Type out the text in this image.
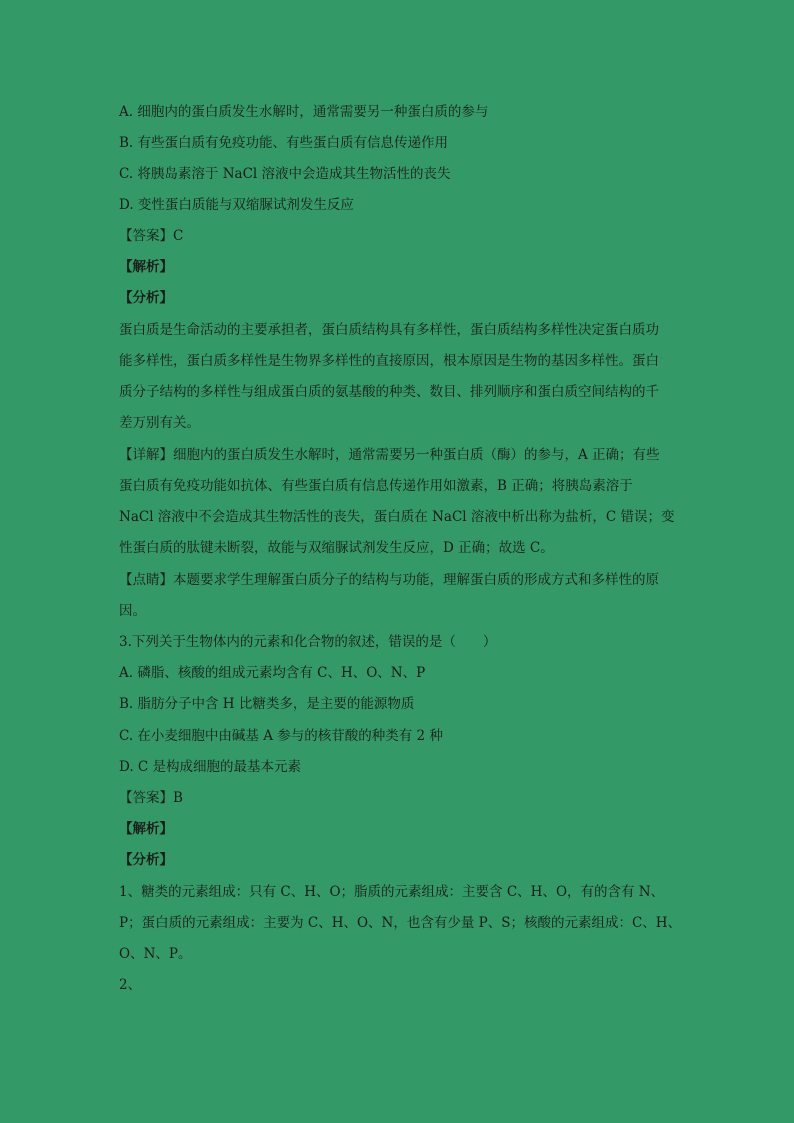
A. 细胞内的蛋白质发生水解时，通常需要另一种蛋白质的参与
B. 有些蛋白质有免疫功能、有些蛋白质有信息传递作用
C. 将胰岛素溶于 NaCl 溶液中会造成其生物活性的丧失
D. 变性蛋白质能与双缩脲试剂发生反应
【答案】C
【解析】
【分析】
蛋白质是生命活动的主要承担者，蛋白质结构具有多样性，蛋白质结构多样性决定蛋白质功
能多样性，蛋白质多样性是生物界多样性的直接原因，根本原因是生物的基因多样性。蛋白
质分子结构的多样性与组成蛋白质的氨基酸的种类、数目、排列顺序和蛋白质空间结构的千
差万别有关。
【详解】细胞内的蛋白质发生水解时，通常需要另一种蛋白质（酶）的参与，A 正确；有些
蛋白质有免疫功能如抗体、有些蛋白质有信息传递作用如激素，B 正确；将胰岛素溶于
NaCl 溶液中不会造成其生物活性的丧失，蛋白质在 NaCl 溶液中析出称为盐析，C 错误；变
性蛋白质的肽键未断裂，故能与双缩脲试剂发生反应，D 正确；故选 C。
【点睛】本题要求学生理解蛋白质分子的结构与功能，理解蛋白质的形成方式和多样性的原
因。
3.下列关于生物体内的元素和化合物的叙述，错误的是（　　）
A. 磷脂、核酸的组成元素均含有 C、H、O、N、P
B. 脂肪分子中含 H 比糖类多，是主要的能源物质
C. 在小麦细胞中由碱基 A 参与的核苷酸的种类有 2 种
D. C 是构成细胞的最基本元素
【答案】B
【解析】
【分析】
1、糖类的元素组成：只有 C、H、O；脂质的元素组成：主要含 C、H、O，有的含有 N、
P；蛋白质的元素组成：主要为 C、H、O、N，也含有少量 P、S；核酸的元素组成：C、H、
O、N、P。
2、
